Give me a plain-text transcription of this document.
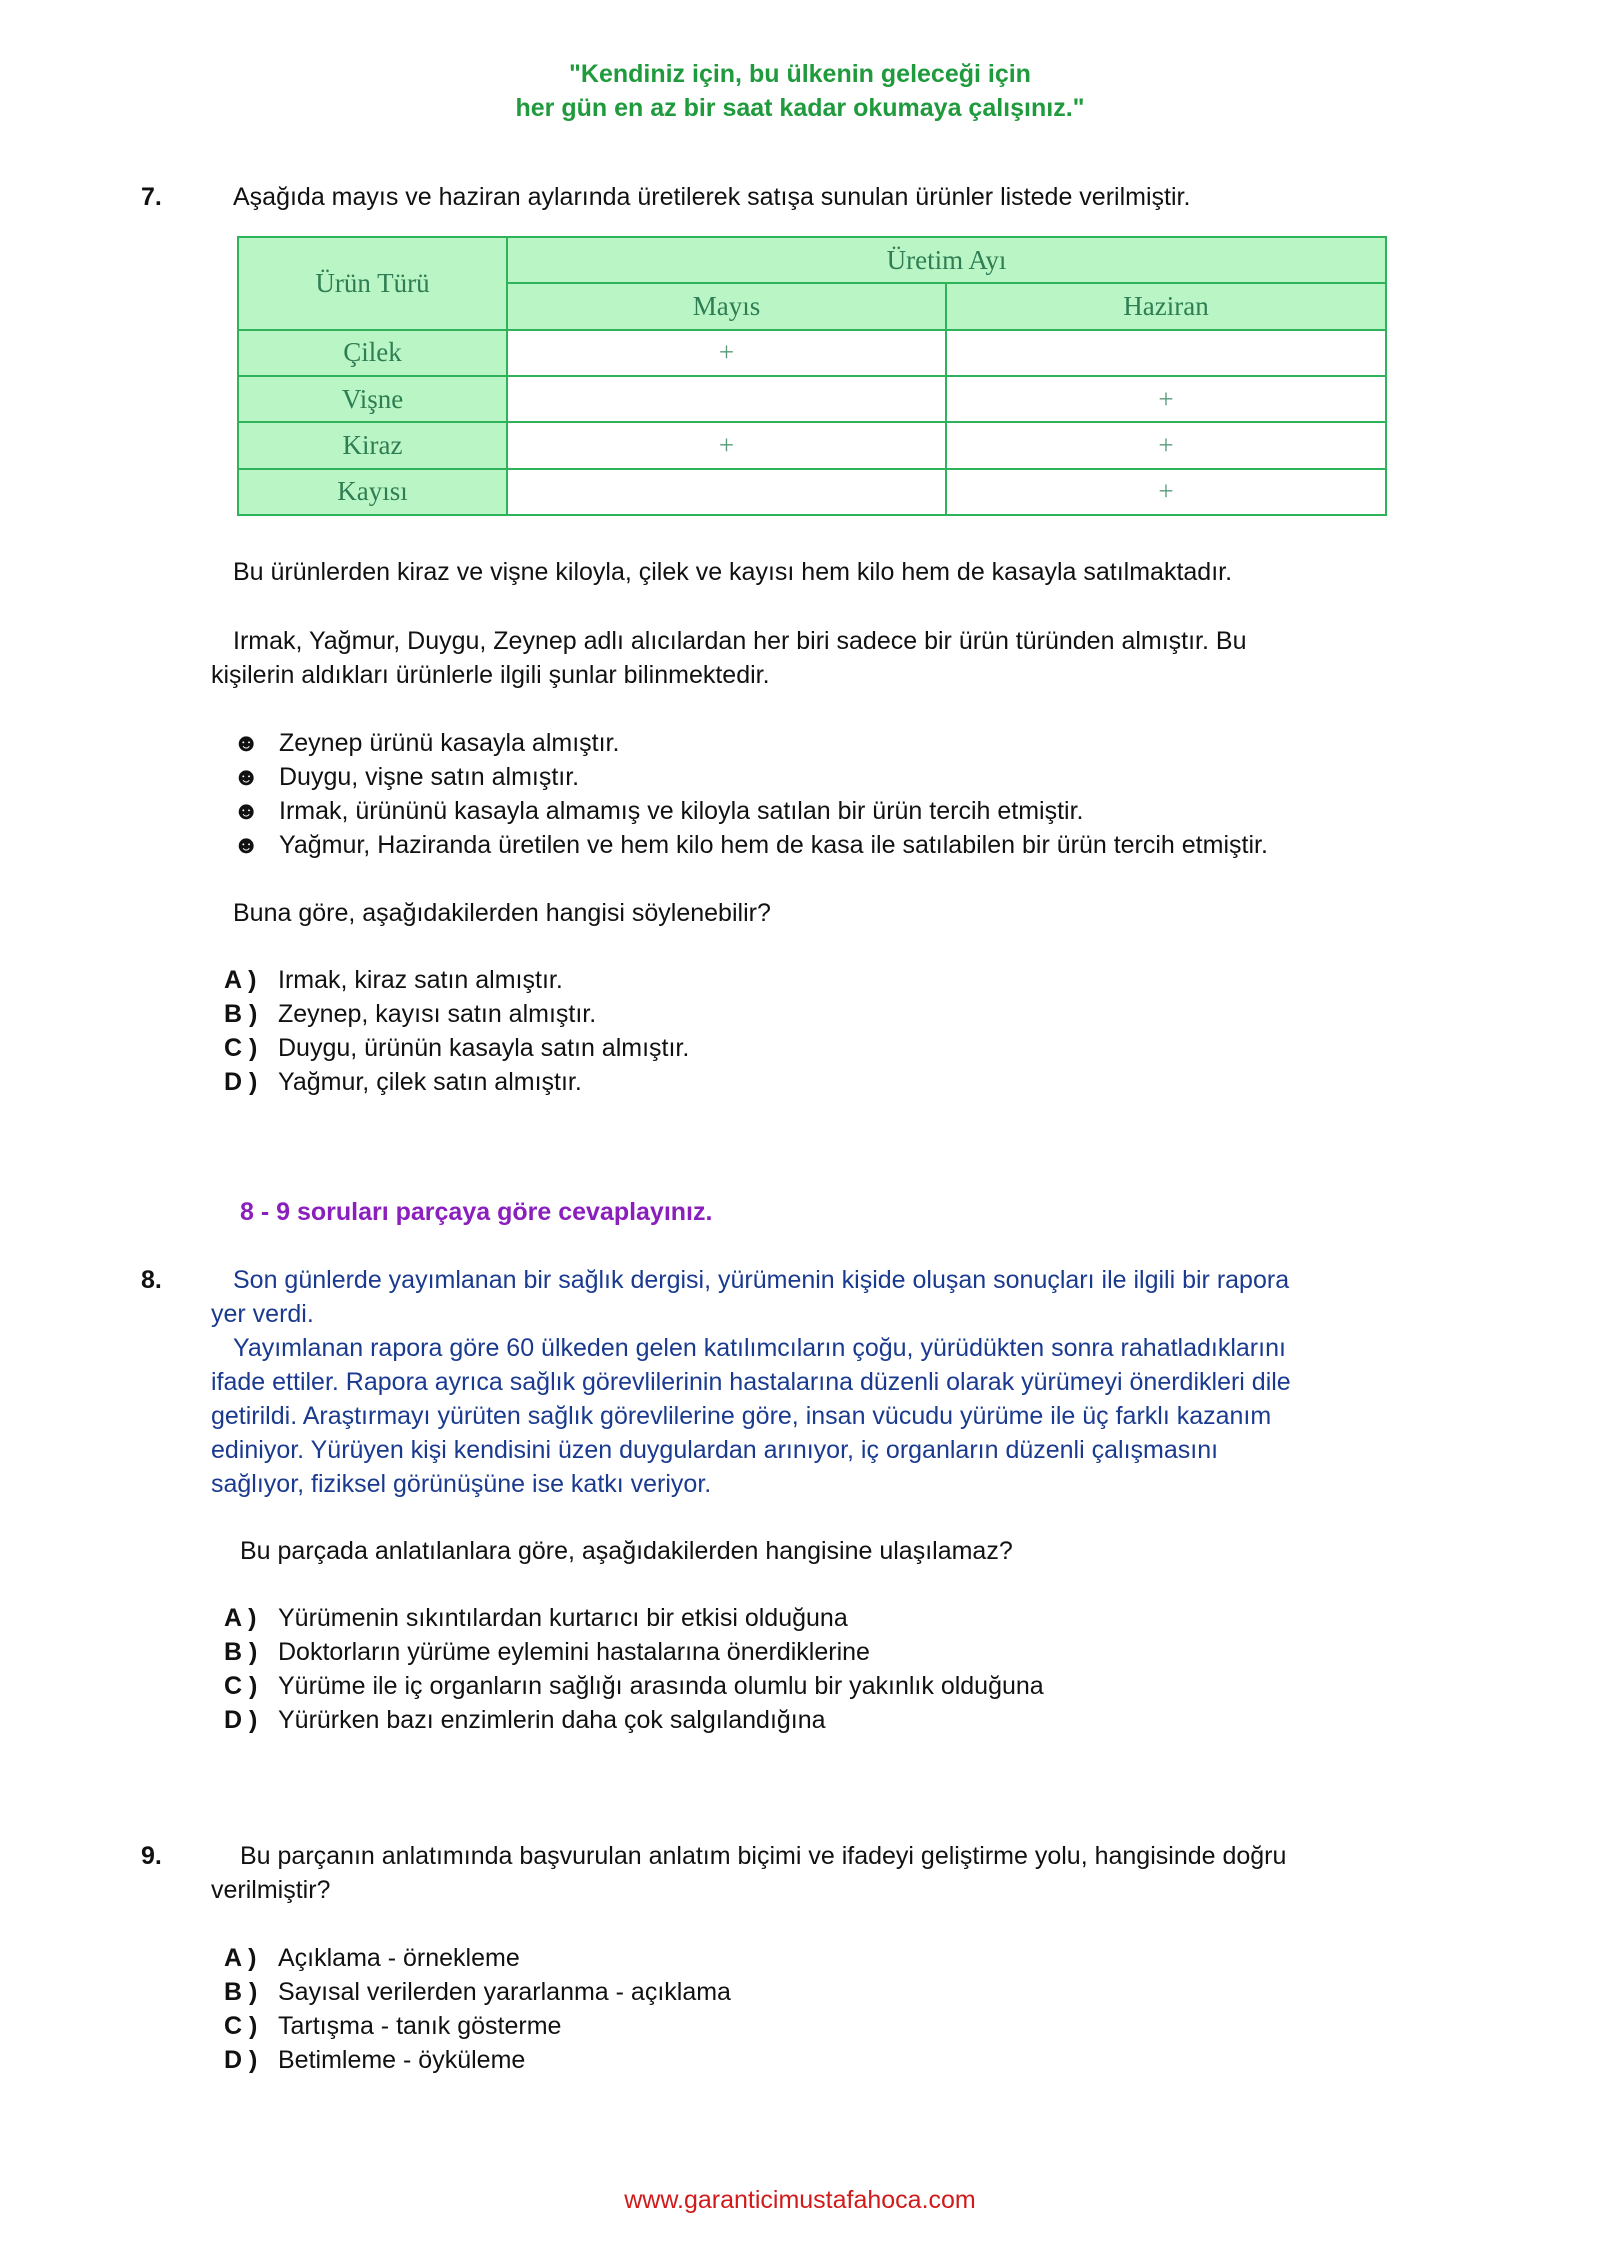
"Kendiniz için, bu ülkenin geleceği için
her gün en az bir saat kadar okumaya çalışınız."
7.	Aşağıda mayıs ve haziran aylarında üretilerek satışa sunulan ürünler listede verilmiştir.
Ürün Türü	Üretim Ayı	
	Mayıs	Haziran
Çilek	+	
Vişne		+
Kiraz	+	+
Kayısı		+
Bu ürünlerden kiraz ve vişne kiloyla, çilek ve kayısı hem kilo hem de kasayla satılmaktadır.
Irmak, Yağmur, Duygu, Zeynep adlı alıcılardan her biri sadece bir ürün türünden almıştır. Bu
kişilerin aldıkları ürünlerle ilgili şunlar bilinmektedir.
☻ Zeynep ürünü kasayla almıştır.
☻ Duygu, vişne satın almıştır.
☻ Irmak, ürününü kasayla almamış ve kiloyla satılan bir ürün tercih etmiştir.
☻ Yağmur, Haziranda üretilen ve hem kilo hem de kasa ile satılabilen bir ürün tercih etmiştir.
Buna göre, aşağıdakilerden hangisi söylenebilir?
A ) Irmak, kiraz satın almıştır.
B ) Zeynep, kayısı satın almıştır.
C ) Duygu, ürünün kasayla satın almıştır.
D ) Yağmur, çilek satın almıştır.
8 - 9 soruları parçaya göre cevaplayınız.
8.	Son günlerde yayımlanan bir sağlık dergisi, yürümenin kişide oluşan sonuçları ile ilgili bir rapora
yer verdi.
Yayımlanan rapora göre 60 ülkeden gelen katılımcıların çoğu, yürüdükten sonra rahatladıklarını
ifade ettiler. Rapora ayrıca sağlık görevlilerinin hastalarına düzenli olarak yürümeyi önerdikleri dile
getirildi. Araştırmayı yürüten sağlık görevlilerine göre, insan vücudu yürüme ile üç farklı kazanım
ediniyor. Yürüyen kişi kendisini üzen duygulardan arınıyor, iç organların düzenli çalışmasını
sağlıyor, fiziksel görünüşüne ise katkı veriyor.
Bu parçada anlatılanlara göre, aşağıdakilerden hangisine ulaşılamaz?
A ) Yürümenin sıkıntılardan kurtarıcı bir etkisi olduğuna
B ) Doktorların yürüme eylemini hastalarına önerdiklerine
C ) Yürüme ile iç organların sağlığı arasında olumlu bir yakınlık olduğuna
D ) Yürürken bazı enzimlerin daha çok salgılandığına
9.	Bu parçanın anlatımında başvurulan anlatım biçimi ve ifadeyi geliştirme yolu, hangisinde doğru
verilmiştir?
A ) Açıklama - örnekleme
B ) Sayısal verilerden yararlanma - açıklama
C ) Tartışma - tanık gösterme
D ) Betimleme - öyküleme
www.garanticimustafahoca.com
